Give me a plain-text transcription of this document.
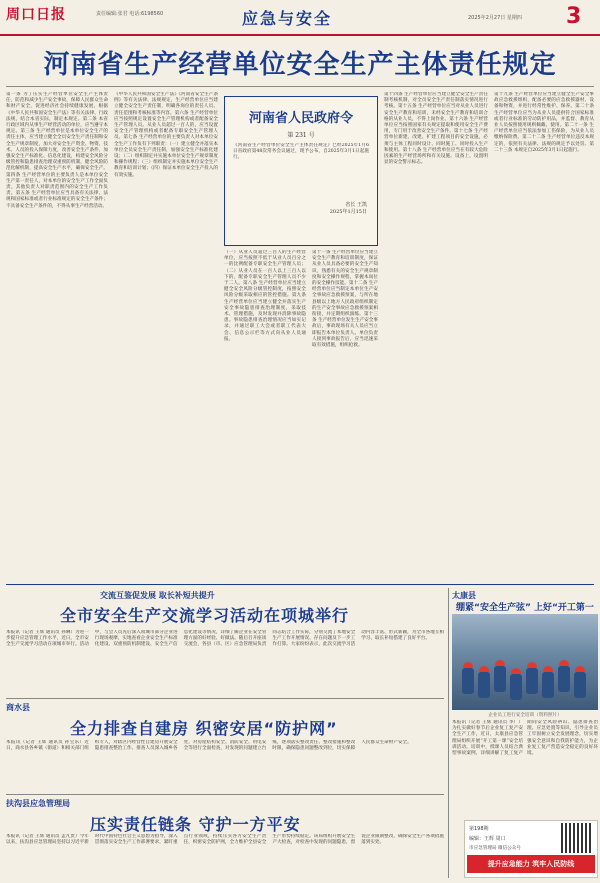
周口日报	责任编辑:张君 电话:6198560	应急与安全	2025年2月27日 星期四 3
河南省生产经营单位安全生产主体责任规定
第一条 为了压实生产经营单位安全生产主体责任，防范和减少生产安全事故，保障人民群众生命和财产安全，促进经济社会持续健康发展，根据《中华人民共和国安全生产法》等有关法律、行政法规，结合本省实际，制定本规定。第二条 本省行政区域内从事生产经营活动的单位，应当遵守本规定。第三条 生产经营单位是本单位安全生产的责任主体，应当建立健全全员安全生产责任制和安全生产规章制度，加大对安全生产资金、物资、技术、人员的投入保障力度，改善安全生产条件，加强安全生产标准化、信息化建设，构建安全风险分级管控和隐患排查治理双重预防机制，健全风险防范化解机制，提高安全生产水平，确保安全生产。第四条 生产经营单位的主要负责人是本单位安全生产第一责任人，对本单位的安全生产工作全面负责。其他负责人对职责范围内的安全生产工作负责。第五条 生产经营单位应当具备有关法律、法规和国家标准或者行业标准规定的安全生产条件；不具备安全生产条件的，不得从事生产经营活动。
《中华人民共和国安全生产法》《河南省安全生产条例》等有关法律、法规规定，生产经营单位应当建立健全安全生产责任制，明确各岗位的责任人员、责任范围和考核标准等内容。第六条 生产经营单位应当按照规定设置安全生产管理机构或者配备安全生产管理人员。从业人员超过一百人的，应当设置安全生产管理机构或者配备专职安全生产管理人员。第七条 生产经营单位的主要负责人对本单位安全生产工作负有下列职责：（一）建立健全并落实本单位全员安全生产责任制，加强安全生产标准化建设；（二）组织制定并实施本单位安全生产规章制度和操作规程；（三）组织制定并实施本单位安全生产教育和培训计划；（四）保证本单位安全生产投入的有效实施。
（一）从业人员超过三百人的生产经营单位，应当按照不低于从业人员百分之一的比例配备专职安全生产管理人员；（二）从业人员在一百人以上三百人以下的，配备专职安全生产管理人员不少于二人。第八条 生产经营单位应当建立健全安全风险分级管控制度，按照安全风险分级采取相应的管控措施。第九条 生产经营单位应当建立健全并落实生产安全事故隐患排查治理制度，采取技术、管理措施，及时发现并消除事故隐患。事故隐患排查治理情况应当如实记录，并通过职工大会或者职工代表大会、信息公示栏等方式向从业人员通报。
第十一条 生产经营单位应当建立安全生产教育和培训制度，保证从业人员具备必要的安全生产知识，熟悉有关的安全生产规章制度和安全操作规程，掌握本岗位的安全操作技能。第十二条 生产经营单位应当制定本单位生产安全事故应急救援预案，与所在地县级以上地方人民政府组织制定的生产安全事故应急救援预案相衔接，并定期组织演练。第十三条 生产经营单位发生生产安全事故后，事故现场有关人员应当立即报告本单位负责人。单位负责人接到事故报告后，应当迅速采取有效措施，组织抢救。
第十四条 生产经营单位应当建立健全安全生产责任制考核机制，对全员安全生产责任制落实情况进行考核。第十五条 生产经营单位应当对从业人员进行安全生产教育和培训，未经安全生产教育和培训合格的从业人员，不得上岗作业。第十六条 生产经营单位应当按照国家有关规定提取和使用安全生产费用，专门用于改善安全生产条件。第十七条 生产经营单位新建、改建、扩建工程项目的安全设施，必须与主体工程同时设计、同时施工、同时投入生产和使用。第十八条 生产经营单位应当在有较大危险因素的生产经营场所和有关设施、设备上，设置明显的安全警示标志。
第十九条 生产经营单位应当建立健全生产安全事故应急救援组织，配备必要的应急救援器材、设备和物资，并进行经常性维护、保养。第二十条 生产经营单位应当为从业人员提供符合国家标准或者行业标准的劳动防护用品，并监督、教育从业人员按照使用规则佩戴、使用。第二十一条 生产经营单位应当依法参加工伤保险，为从业人员缴纳保险费。第二十二条 生产经营单位违反本规定的，依照有关法律、法规的规定予以处罚。第二十三条 本规定自2025年3月1日起施行。
河南省人民政府令
第 231 号
《河南省生产经营单位安全生产主体责任规定》已经2025年1月6日省政府第48次常务会议通过，现予公布，自2025年3月1日起施行。
省长 王凯
2025年1月15日
交流互鉴促发展 取长补短共提升
全市安全生产交流学习活动在项城举行
本报讯（记者 王辉 通讯员 孙琳）为进一步提升应急管理工作水平，近日，全市安全生产交流学习活动在项城市举行。活动中，与会人员先后深入项城市部分企业进行现场观摩，实地查看企业安全生产标准化建设、双重预防机制建设、安全生产信息化建设等情况，详细了解企业在安全管理方面的好经验、好做法。随后召开座谈交流会，各县（市、区）应急管理局负责同志结合工作实际，分别交流了本地安全生产工作开展情况、存在问题及下一步工作打算。大家纷纷表示，此次交流学习活动内容丰富、形式新颖，为全市各地互相学习、取长补短搭建了良好平台。
商水县
全力排查自建房 织密安居“防护网”
本报讯（记者 王辉 通讯员 孙宝乐）近日，商水县各乡镇（街道）和相关部门组织专人，对辖区内经营性自建房开展安全隐患排查整治工作。排查人员深入城乡各处，对房屋结构安全、消防安全、用电安全等进行全面检查，对发现的问题建立台账，逐项落实整改责任、整改措施和整改时限，确保隐患问题整改到位，切实保障人民群众生命财产安全。
扶沟县应急管理局
压实责任链条 守护一方平安
本报讯（记者 王辉 通讯员 孟凡贵）今年以来，扶沟县应急管理局坚持以习近平新时代中国特色社会主义思想为指导，深入贯彻落实安全生产工作部署要求，紧盯重点行业领域，持续压实各方安全生产责任，织密安全防护网，全力维护全县安全生产形势持续稳定。该局组织开展安全生产大检查，对检查中发现的问题隐患，督促企业限期整改，确保安全生产各项措施落到实处。
太康县
绷紧“安全生产弦” 上好“开工第一
企业员工进行安全培训（资料照片）
本报讯（记者 王辉 通讯员 李广）为扎实做好春节后企业复工复产安全生产工作，近日，太康县应急管理局组织开展“开工第一课”安全培训活动。培训中，授课人员结合典型事故案例，详细讲解了复工复产期间安全风险辨识、隐患排查治理、应急处置等知识，引导企业员工牢固树立安全发展理念，切实增强安全意识和自我防护能力，为企业复工复产营造安全稳定的良好环境。
第198期
编辑：王辉 周口
市应急管理局 微信公众号
提升应急能力 筑牢人民防线
